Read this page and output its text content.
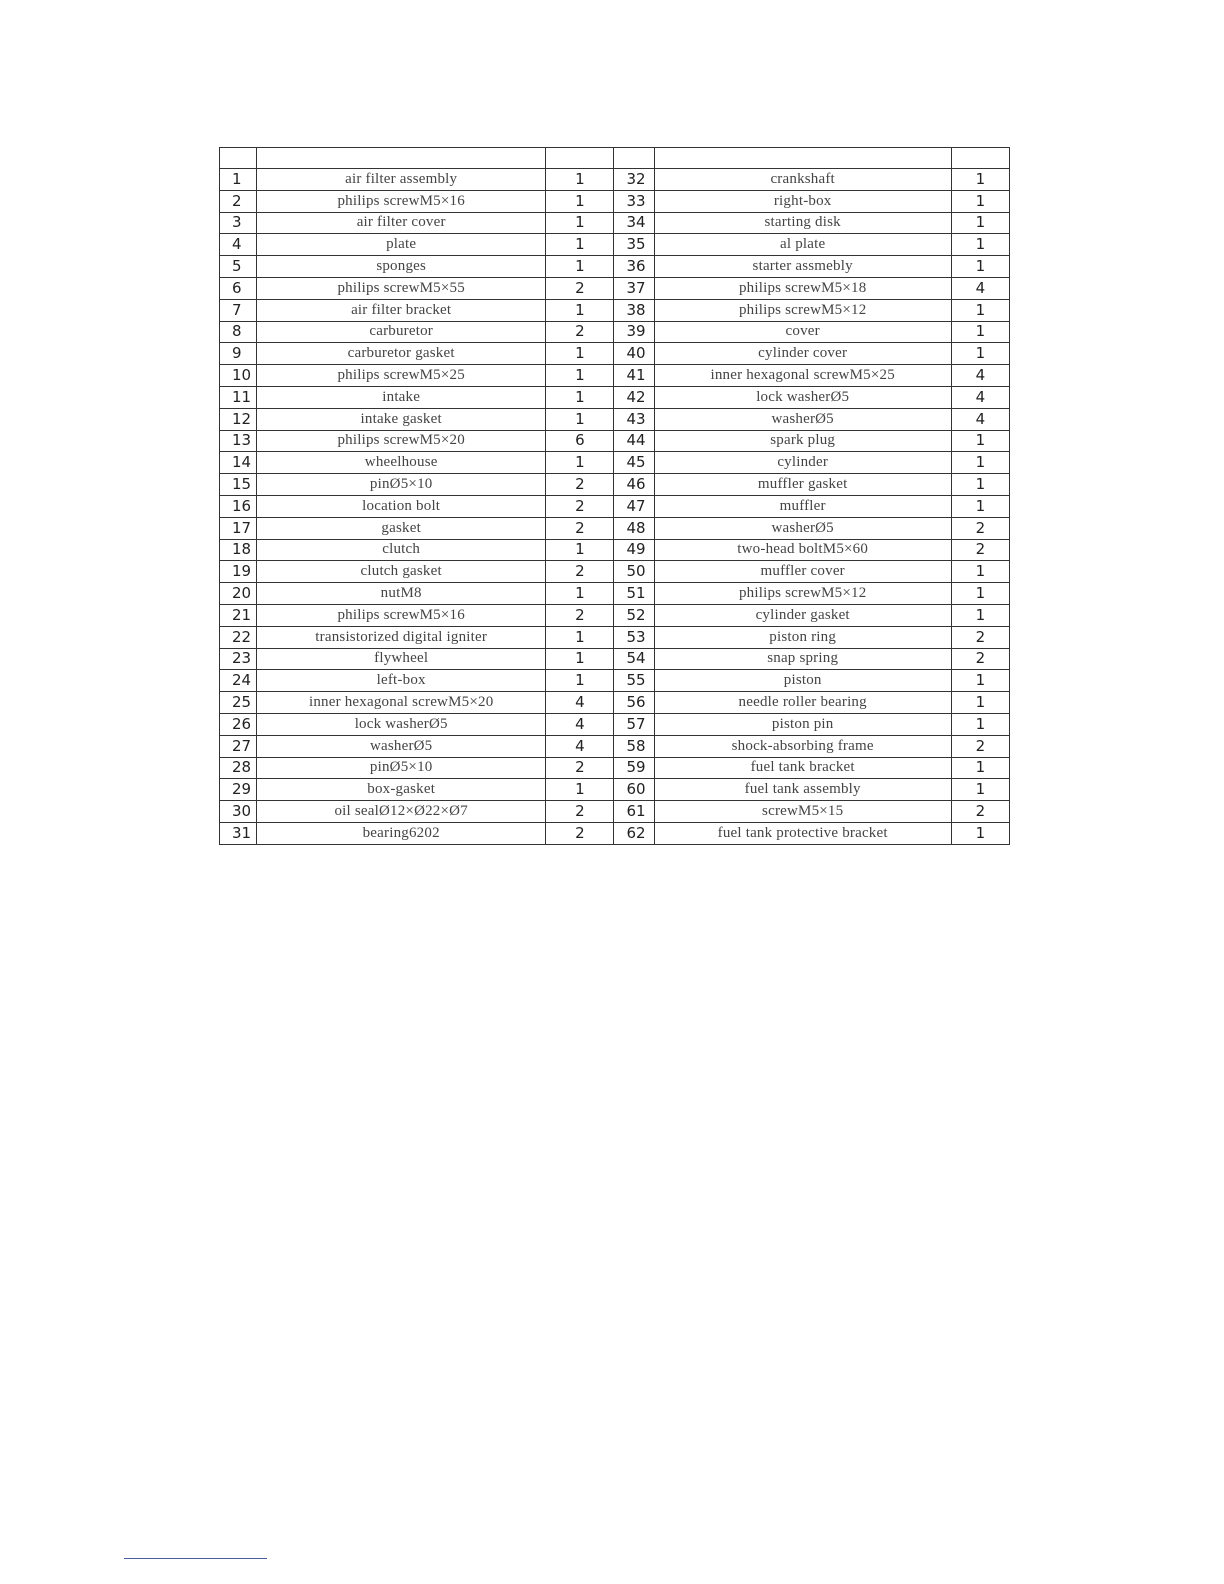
1	air filter assembly	1	32	crankshaft	1
2	philips screwM5×16	1	33	right-box	1
3	air filter cover	1	34	starting disk	1
4	plate	1	35	al plate	1
5	sponges	1	36	starter assmebly	1
6	philips screwM5×55	2	37	philips screwM5×18	4
7	air filter bracket	1	38	philips screwM5×12	1
8	carburetor	2	39	cover	1
9	carburetor gasket	1	40	cylinder cover	1
10	philips screwM5×25	1	41	inner hexagonal screwM5×25	4
11	intake	1	42	lock washerØ5	4
12	intake gasket	1	43	washerØ5	4
13	philips screwM5×20	6	44	spark plug	1
14	wheelhouse	1	45	cylinder	1
15	pinØ5×10	2	46	muffler gasket	1
16	location bolt	2	47	muffler	1
17	gasket	2	48	washerØ5	2
18	clutch	1	49	two-head boltM5×60	2
19	clutch gasket	2	50	muffler cover	1
20	nutM8	1	51	philips screwM5×12	1
21	philips screwM5×16	2	52	cylinder gasket	1
22	transistorized digital igniter	1	53	piston ring	2
23	flywheel	1	54	snap spring	2
24	left-box	1	55	piston	1
25	inner hexagonal screwM5×20	4	56	needle roller bearing	1
26	lock washerØ5	4	57	piston pin	1
27	washerØ5	4	58	shock-absorbing frame	2
28	pinØ5×10	2	59	fuel tank bracket	1
29	box-gasket	1	60	fuel tank assembly	1
30	oil sealØ12×Ø22×Ø7	2	61	screwM5×15	2
31	bearing6202	2	62	fuel tank protective bracket	1
